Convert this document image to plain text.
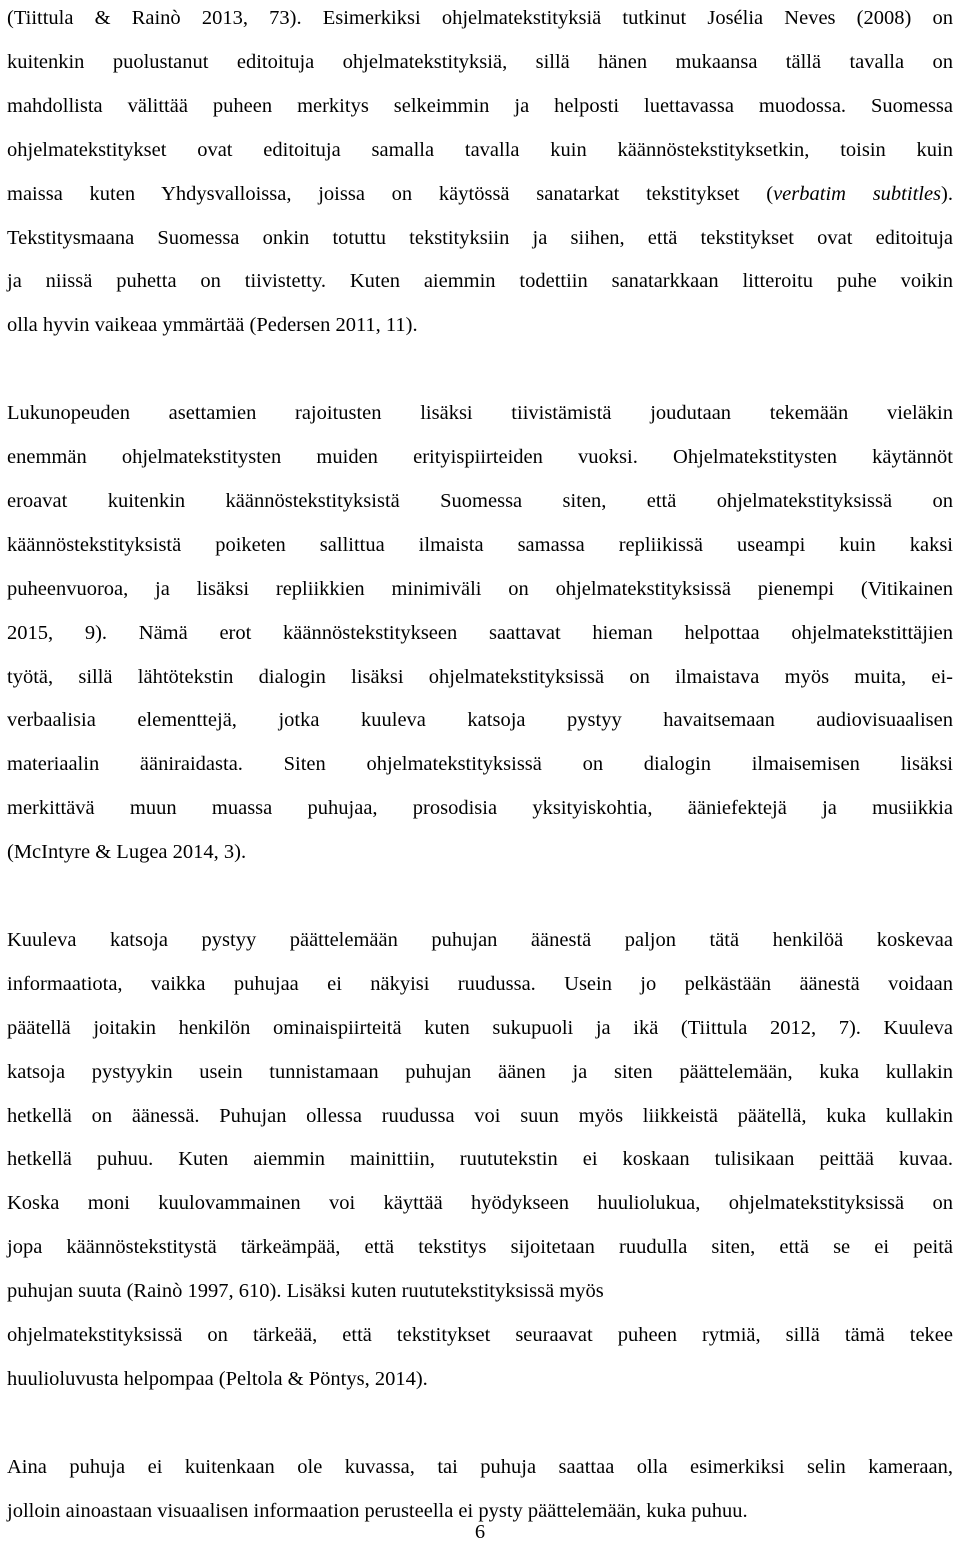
(Tiittula & Rainò 2013, 73). Esimerkiksi ohjelmatekstityksiä tutkinut Josélia Neves (2008) on
kuitenkin puolustanut editoituja ohjelmatekstityksiä, sillä hänen mukaansa tällä tavalla on
mahdollista välittää puheen merkitys selkeimmin ja helposti luettavassa muodossa. Suomessa
ohjelmatekstitykset ovat editoituja samalla tavalla kuin käännöstekstityksetkin, toisin kuin
maissa kuten Yhdysvalloissa, joissa on käytössä sanatarkat tekstitykset (verbatim subtitles).
Tekstitysmaana Suomessa onkin totuttu tekstityksiin ja siihen, että tekstitykset ovat editoituja
ja niissä puhetta on tiivistetty. Kuten aiemmin todettiin sanatarkkaan litteroitu puhe voikin
olla hyvin vaikeaa ymmärtää (Pedersen 2011, 11).
Lukunopeuden asettamien rajoitusten lisäksi tiivistämistä joudutaan tekemään vieläkin
enemmän ohjelmatekstitysten muiden erityispiirteiden vuoksi. Ohjelmatekstitysten käytännöt
eroavat kuitenkin käännöstekstityksistä Suomessa siten, että ohjelmatekstityksissä on
käännöstekstityksistä poiketen sallittua ilmaista samassa repliikissä useampi kuin kaksi
puheenvuoroa, ja lisäksi repliikkien minimiväli on ohjelmatekstityksissä pienempi (Vitikainen
2015, 9). Nämä erot käännöstekstitykseen saattavat hieman helpottaa ohjelmatekstittäjien
työtä, sillä lähtötekstin dialogin lisäksi ohjelmatekstityksissä on ilmaistava myös muita, ei-
verbaalisia elementtejä, jotka kuuleva katsoja pystyy havaitsemaan audiovisuaalisen
materiaalin ääniraidasta. Siten ohjelmatekstityksissä on dialogin ilmaisemisen lisäksi
merkittävä muun muassa puhujaa, prosodisia yksityiskohtia, ääniefektejä ja musiikkia
(McIntyre & Lugea 2014, 3).
Kuuleva katsoja pystyy päättelemään puhujan äänestä paljon tätä henkilöä koskevaa
informaatiota, vaikka puhujaa ei näkyisi ruudussa. Usein jo pelkästään äänestä voidaan
päätellä joitakin henkilön ominaispiirteitä kuten sukupuoli ja ikä (Tiittula 2012, 7). Kuuleva
katsoja pystyykin usein tunnistamaan puhujan äänen ja siten päättelemään, kuka kullakin
hetkellä on äänessä. Puhujan ollessa ruudussa voi suun myös liikkeistä päätellä, kuka kullakin
hetkellä puhuu. Kuten aiemmin mainittiin, ruututekstin ei koskaan tulisikaan peittää kuvaa.
Koska moni kuulovammainen voi käyttää hyödykseen huuliolukua, ohjelmatekstityksissä on
jopa käännöstekstitystä tärkeämpää, että tekstitys sijoitetaan ruudulla siten, että se ei peitä
puhujan suuta (Rainò 1997, 610). Lisäksi kuten ruututekstityksissä myös
ohjelmatekstityksissä on tärkeää, että tekstitykset seuraavat puheen rytmiä, sillä tämä tekee
huulioluvusta helpompaa (Peltola & Pöntys, 2014).
Aina puhuja ei kuitenkaan ole kuvassa, tai puhuja saattaa olla esimerkiksi selin kameraan,
jolloin ainoastaan visuaalisen informaation perusteella ei pysty päättelemään, kuka puhuu.
6
